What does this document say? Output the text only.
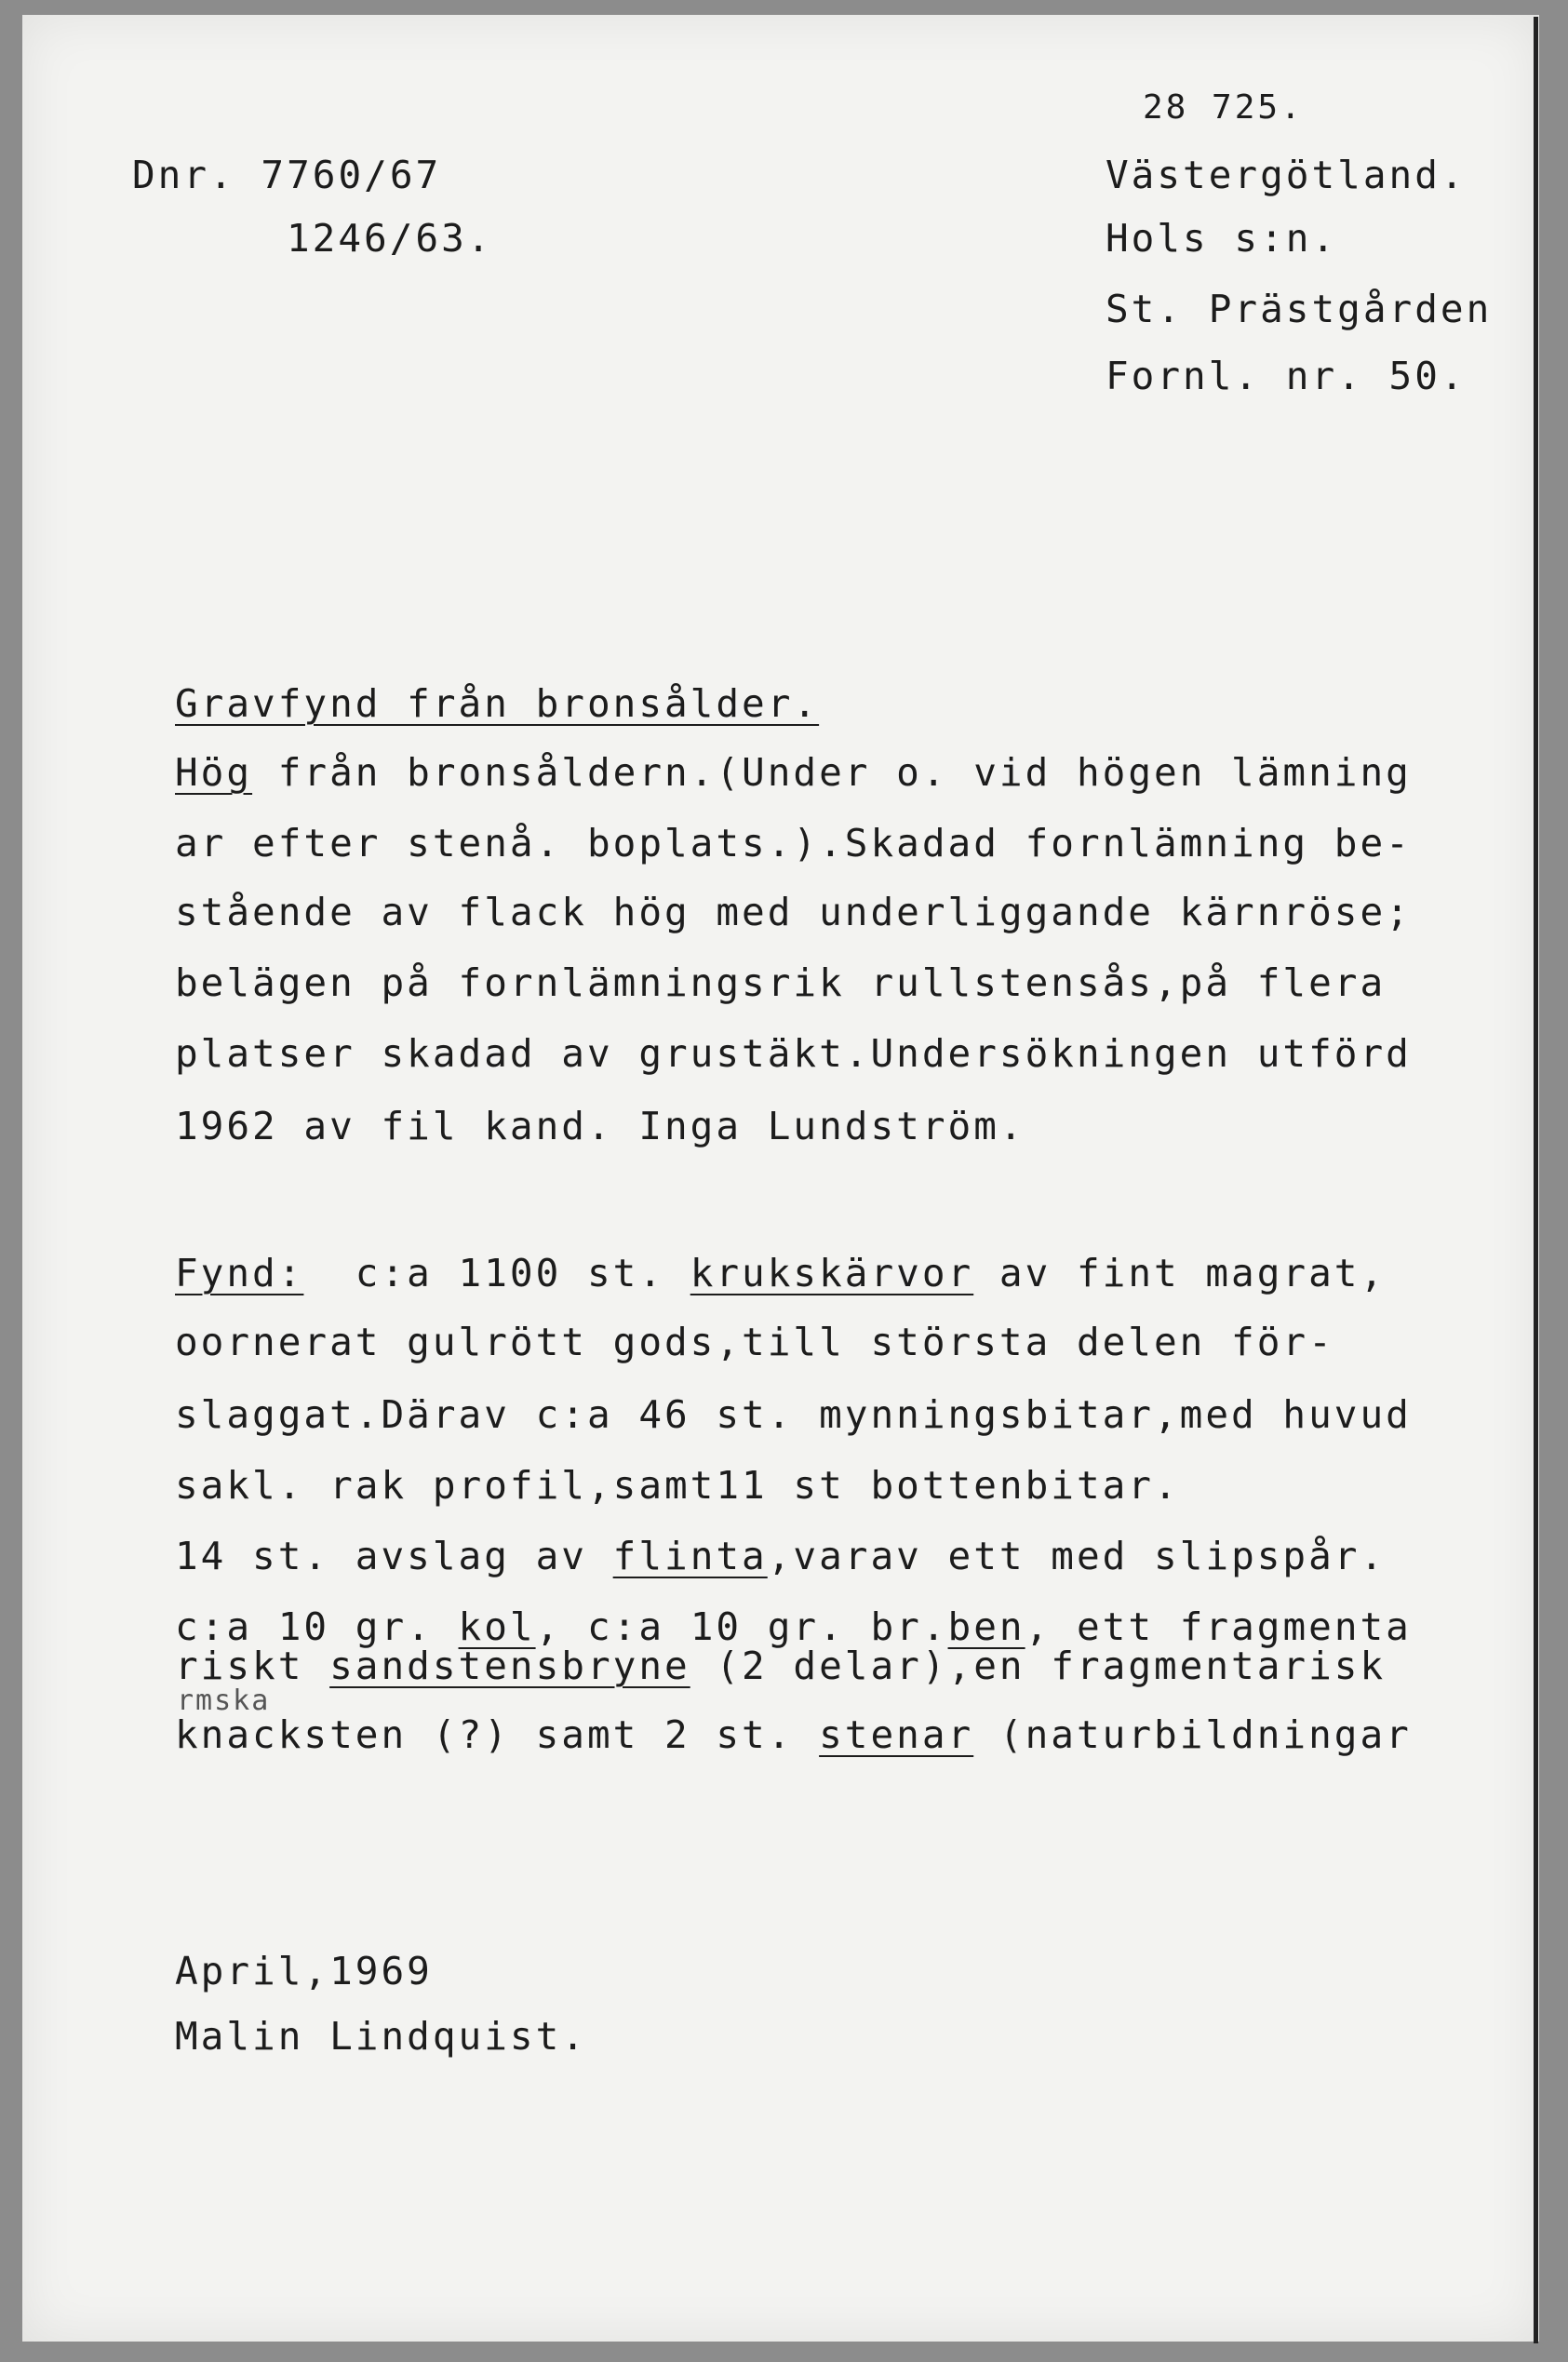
Dnr. 7760/67
1246/63.
28 725.
Västergötland.
Hols s:n.
St. Prästgården
Fornl. nr. 50.
Gravfynd från bronsålder.
Hög från bronsåldern.(Under o. vid högen lämning
ar efter stenå. boplats.).Skadad fornlämning be-
stående av flack hög med underliggande kärnröse;
belägen på fornlämningsrik rullstensås,på flera
platser skadad av grustäkt.Undersökningen utförd
1962 av fil kand. Inga Lundström.
Fynd:  c:a 1100 st. krukskärvor av fint magrat,
oornerat gulrött gods,till största delen för-
slaggat.Därav c:a 46 st. mynningsbitar,med huvud
sakl. rak profil,samt11 st bottenbitar.
14 st. avslag av flinta,varav ett med slipspår.
c:a 10 gr. kol, c:a 10 gr. br.ben, ett fragmenta
riskt sandstensbryne (2 delar),en fragmentarisk
rmska
knacksten (?) samt 2 st. stenar (naturbildningar
April,1969
Malin Lindquist.
